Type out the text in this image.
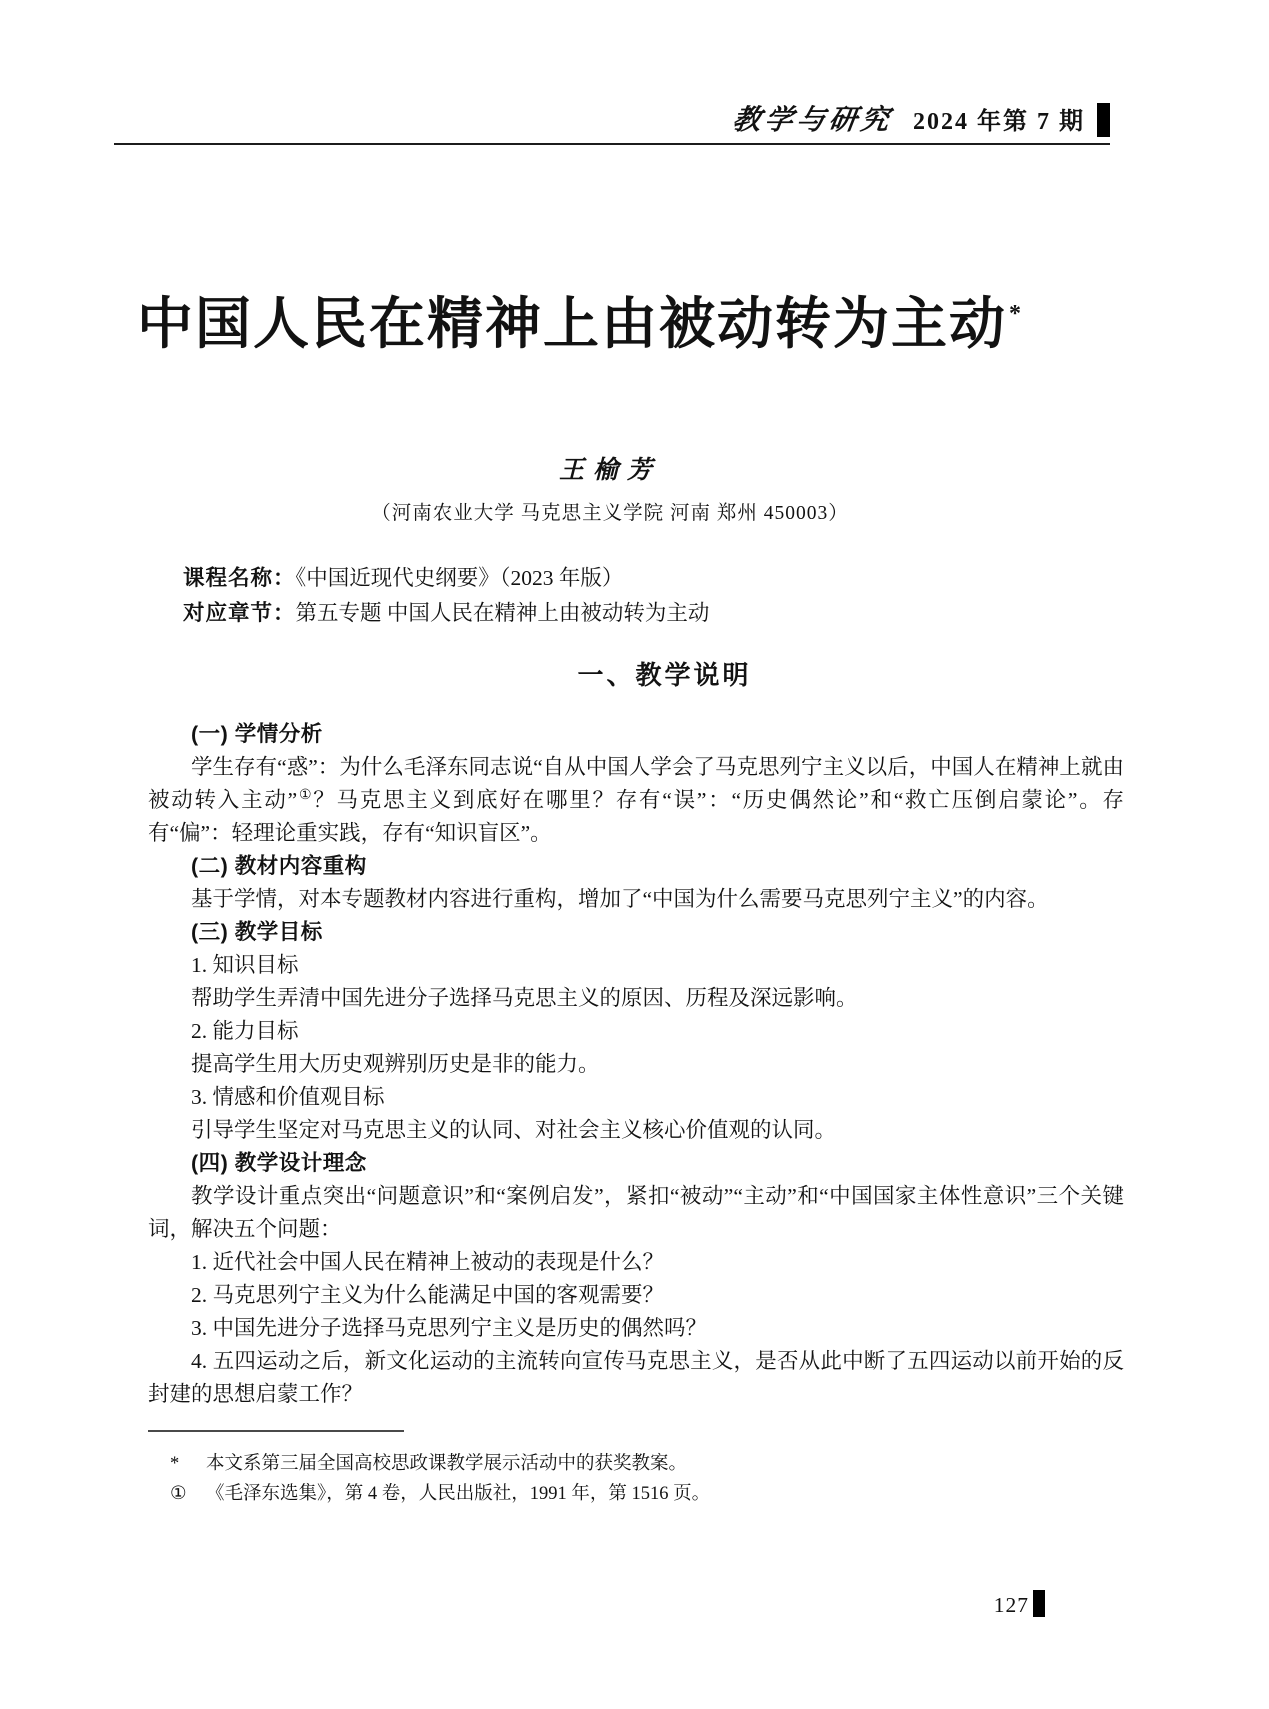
教学与研究 2024 年第 7 期
中国人民在精神上由被动转为主动*
王榆芳
（河南农业大学 马克思主义学院 河南 郑州 450003）
课程名称：《中国近现代史纲要》（2023 年版）
对应章节：第五专题 中国人民在精神上由被动转为主动
一、教学说明

(一) 学情分析

学生存有“惑”：为什么毛泽东同志说“自从中国人学会了马克思列宁主义以后，中国人在精神上就由被动转入主动”①？马克思主义到底好在哪里？存有“误”：“历史偶然论”和“救亡压倒启蒙论”。存有“偏”：轻理论重实践，存有“知识盲区”。

(二) 教材内容重构

基于学情，对本专题教材内容进行重构，增加了“中国为什么需要马克思列宁主义”的内容。

(三) 教学目标

1. 知识目标

帮助学生弄清中国先进分子选择马克思主义的原因、历程及深远影响。

2. 能力目标

提高学生用大历史观辨别历史是非的能力。

3. 情感和价值观目标

引导学生坚定对马克思主义的认同、对社会主义核心价值观的认同。

(四) 教学设计理念

教学设计重点突出“问题意识”和“案例启发”，紧扣“被动”“主动”和“中国国家主体性意识”三个关键词，解决五个问题：

1. 近代社会中国人民在精神上被动的表现是什么？

2. 马克思列宁主义为什么能满足中国的客观需要？

3. 中国先进分子选择马克思列宁主义是历史的偶然吗？

4. 五四运动之后，新文化运动的主流转向宣传马克思主义，是否从此中断了五四运动以前开始的反封建的思想启蒙工作？

* 本文系第三届全国高校思政课教学展示活动中的获奖教案。
① 《毛泽东选集》，第 4 卷，人民出版社，1991 年，第 1516 页。
127
